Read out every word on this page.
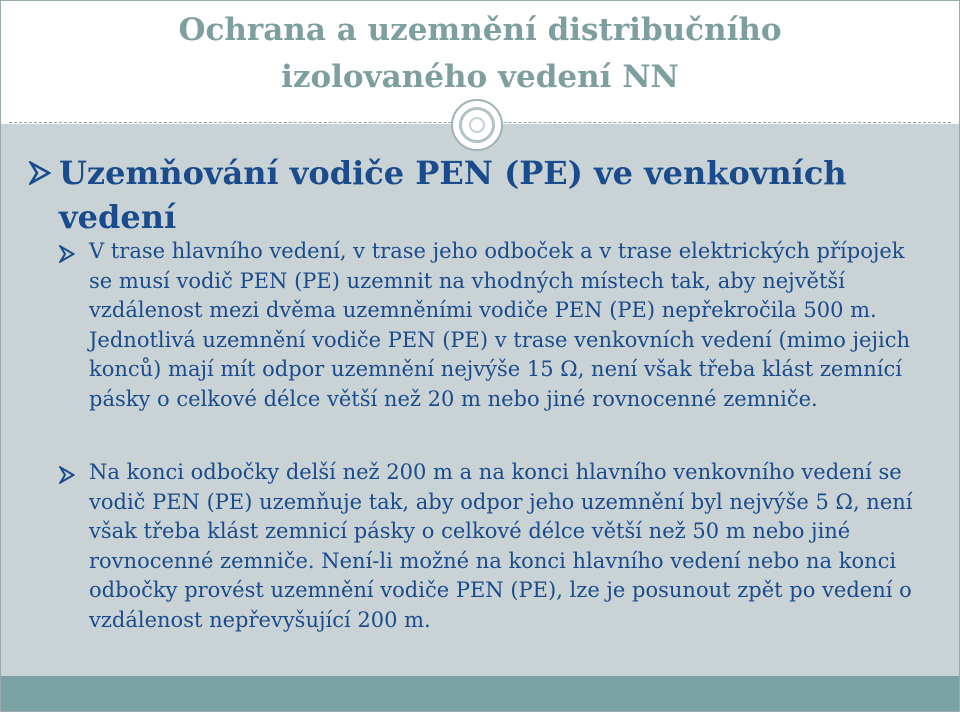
Ochrana a uzemnění distribučního
izolovaného vedení NN

Uzemňování vodiče PEN (PE) ve venkovních vedení

V trase hlavního vedení, v trase jeho odboček a v trase elektrických přípojek se musí vodič PEN (PE) uzemnit na vhodných místech tak, aby největší vzdálenost mezi dvěma uzemněními vodiče PEN (PE) nepřekročila 500 m. Jednotlivá uzemnění vodiče PEN (PE) v trase venkovních vedení (mimo jejich konců) mají mít odpor uzemnění nejvýše 15 Ω, není však třeba klást zemnící pásky o celkové délce větší než 20 m nebo jiné rovnocenné zemniče.

Na konci odbočky delší než 200 m a na konci hlavního venkovního vedení se vodič PEN (PE) uzemňuje tak, aby odpor jeho uzemnění byl nejvýše 5 Ω, není však třeba klást zemnicí pásky o celkové délce větší než 50 m nebo jiné rovnocenné zemniče. Není-li možné na konci hlavního vedení nebo na konci odbočky provést uzemnění vodiče PEN (PE), lze je posunout zpět po vedení o vzdálenost nepřevyšující 200 m.
